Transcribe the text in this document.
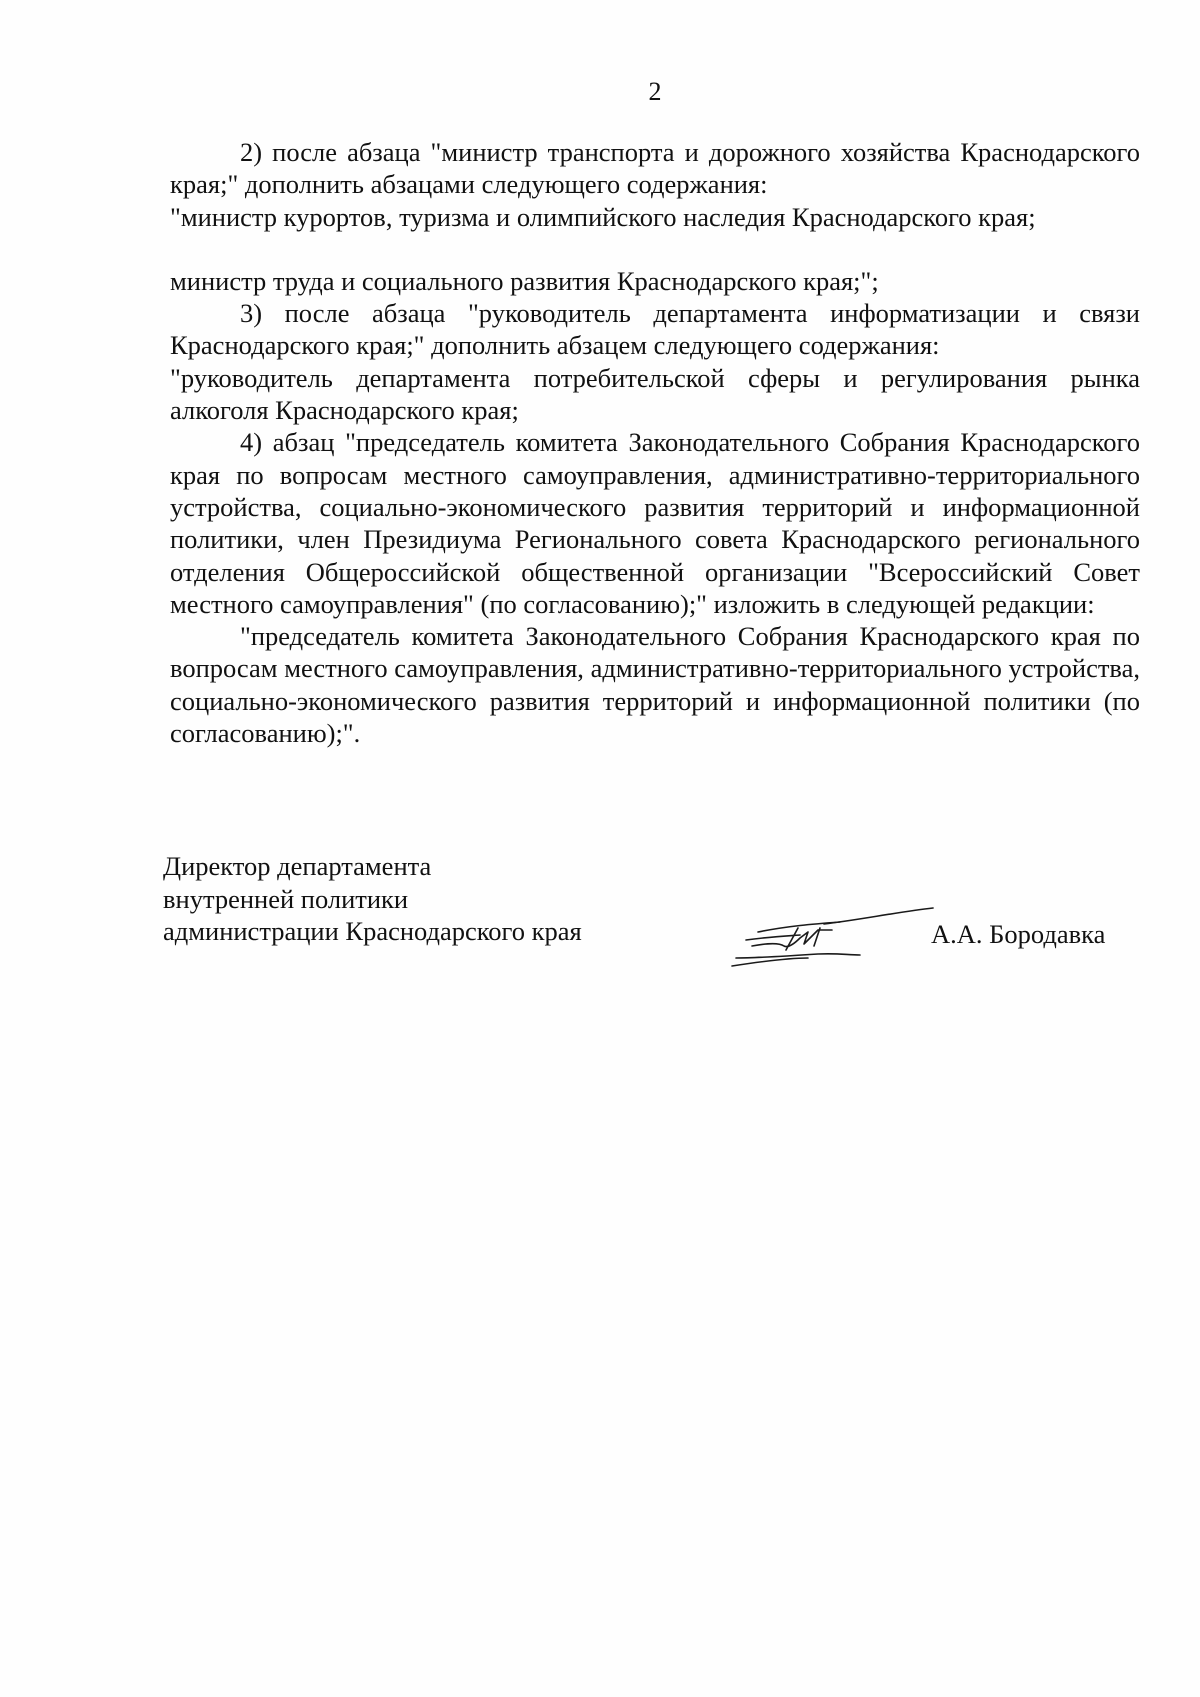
2

2) после абзаца "министр транспорта и дорожного хозяйства Краснодарского края;" дополнить абзацами следующего содержания:

"министр курортов, туризма и олимпийского наследия Краснодарского края;

министр труда и социального развития Краснодарского края;";

3) после абзаца "руководитель департамента информатизации и связи Краснодарского края;" дополнить абзацем следующего содержания:

"руководитель департамента потребительской сферы и регулирования рынка алкоголя Краснодарского края;

4) абзац "председатель комитета Законодательного Собрания Краснодарского края по вопросам местного самоуправления, административно-территориального устройства, социально-экономического развития территорий и информационной политики, член Президиума Регионального совета Краснодарского регионального отделения Общероссийской общественной организации "Всероссийский Совет местного самоуправления" (по согласованию);" изложить в следующей редакции:

"председатель комитета Законодательного Собрания Краснодарского края по вопросам местного самоуправления, административно-территориального устройства, социально-экономического развития территорий и информационной политики (по согласованию);".

Директор департамента
внутренней политики
администрации Краснодарского края	А.А. Бородавка
